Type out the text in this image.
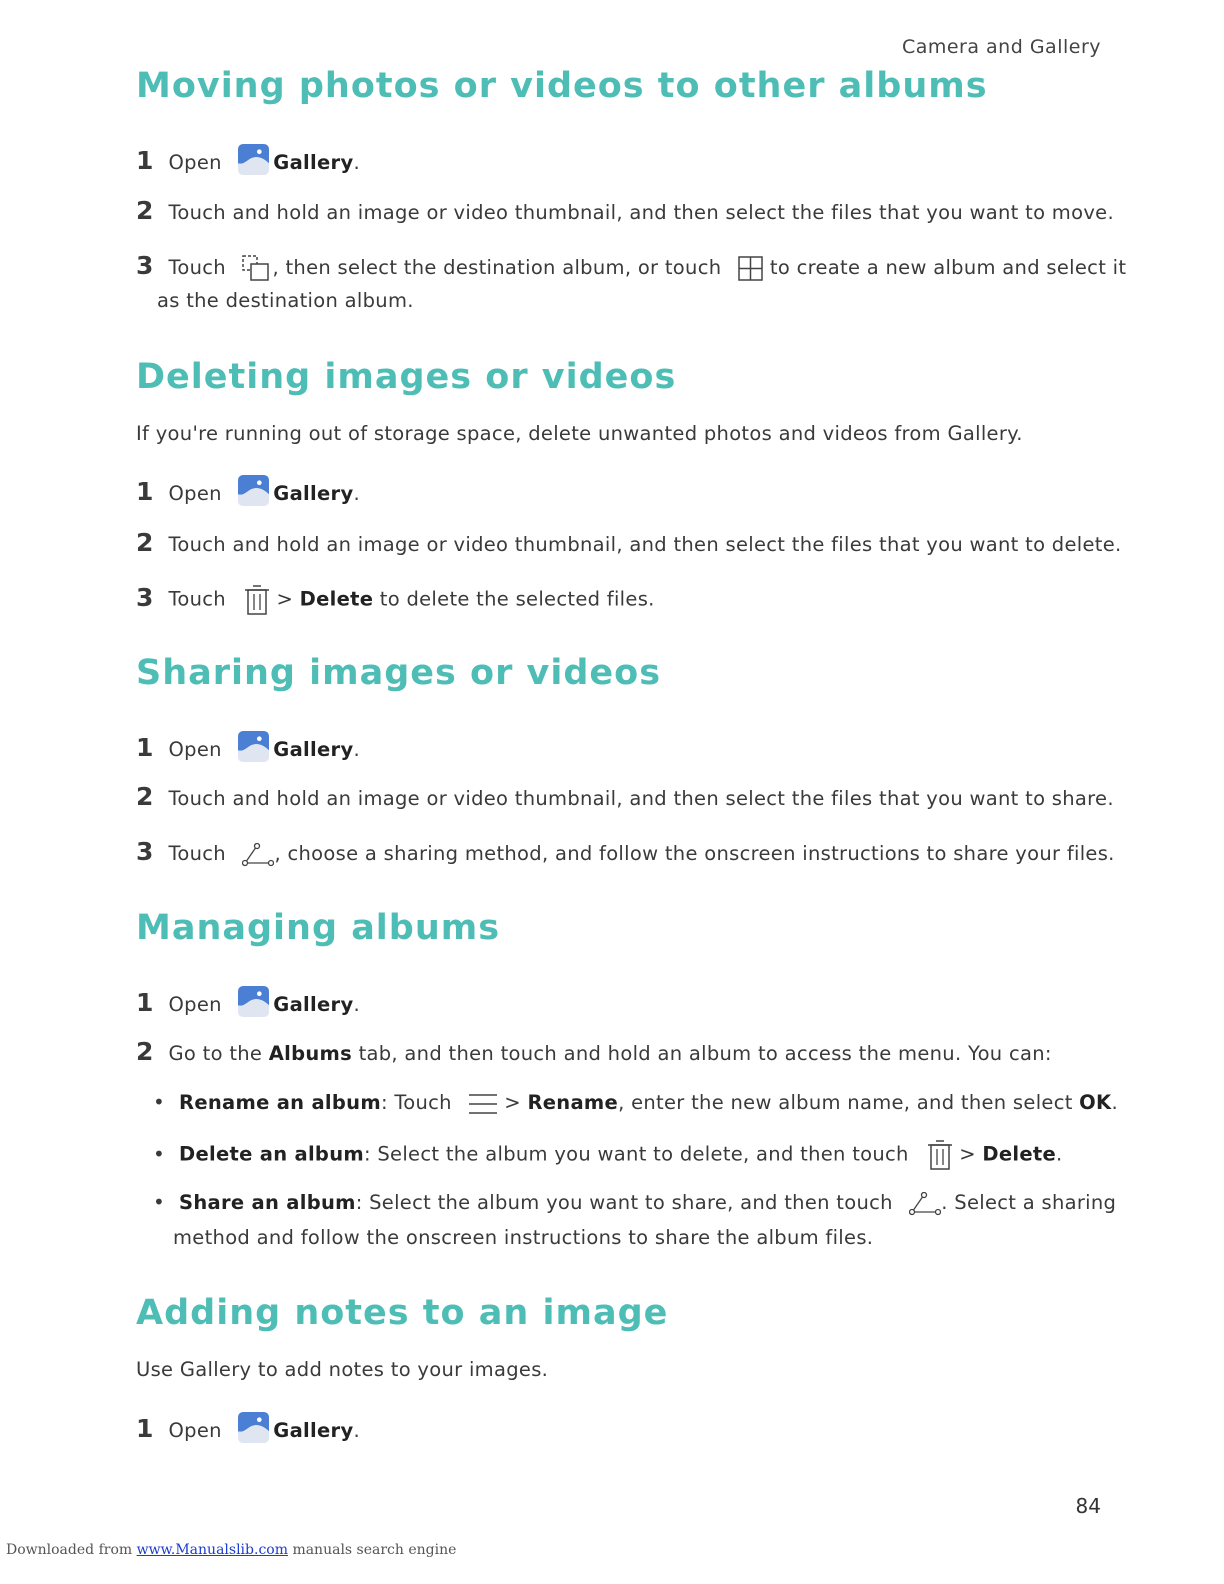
Camera and Gallery
Moving photos or videos to other albums
1 Open	Gallery.
2 Touch and hold an image or video thumbnail, and then select the files that you want to move.
3 Touch , then select the destination album, or touch to create a new album and select it
as the destination album.
Deleting images or videos
If you're running out of storage space, delete unwanted photos and videos from Gallery.
1 Open	Gallery.
2 Touch and hold an image or video thumbnail, and then select the files that you want to delete.
3 Touch	> Delete to delete the selected files.
Sharing images or videos
1 Open	Gallery.
2 Touch and hold an image or video thumbnail, and then select the files that you want to share.
3 Touch , choose a sharing method, and follow the onscreen instructions to share your files.
Managing albums
1 Open	Gallery.
2 Go to the Albums tab, and then touch and hold an album to access the menu. You can:
• Rename an album: Touch	> Rename, enter the new album name, and then select OK.
• Delete an album: Select the album you want to delete, and then touch	> Delete.
• Share an album: Select the album you want to share, and then touch . Select a sharing
method and follow the onscreen instructions to share the album files.
Adding notes to an image
Use Gallery to add notes to your images.
1 Open	Gallery.
84
Downloaded from www.Manualslib.com manuals search engine
